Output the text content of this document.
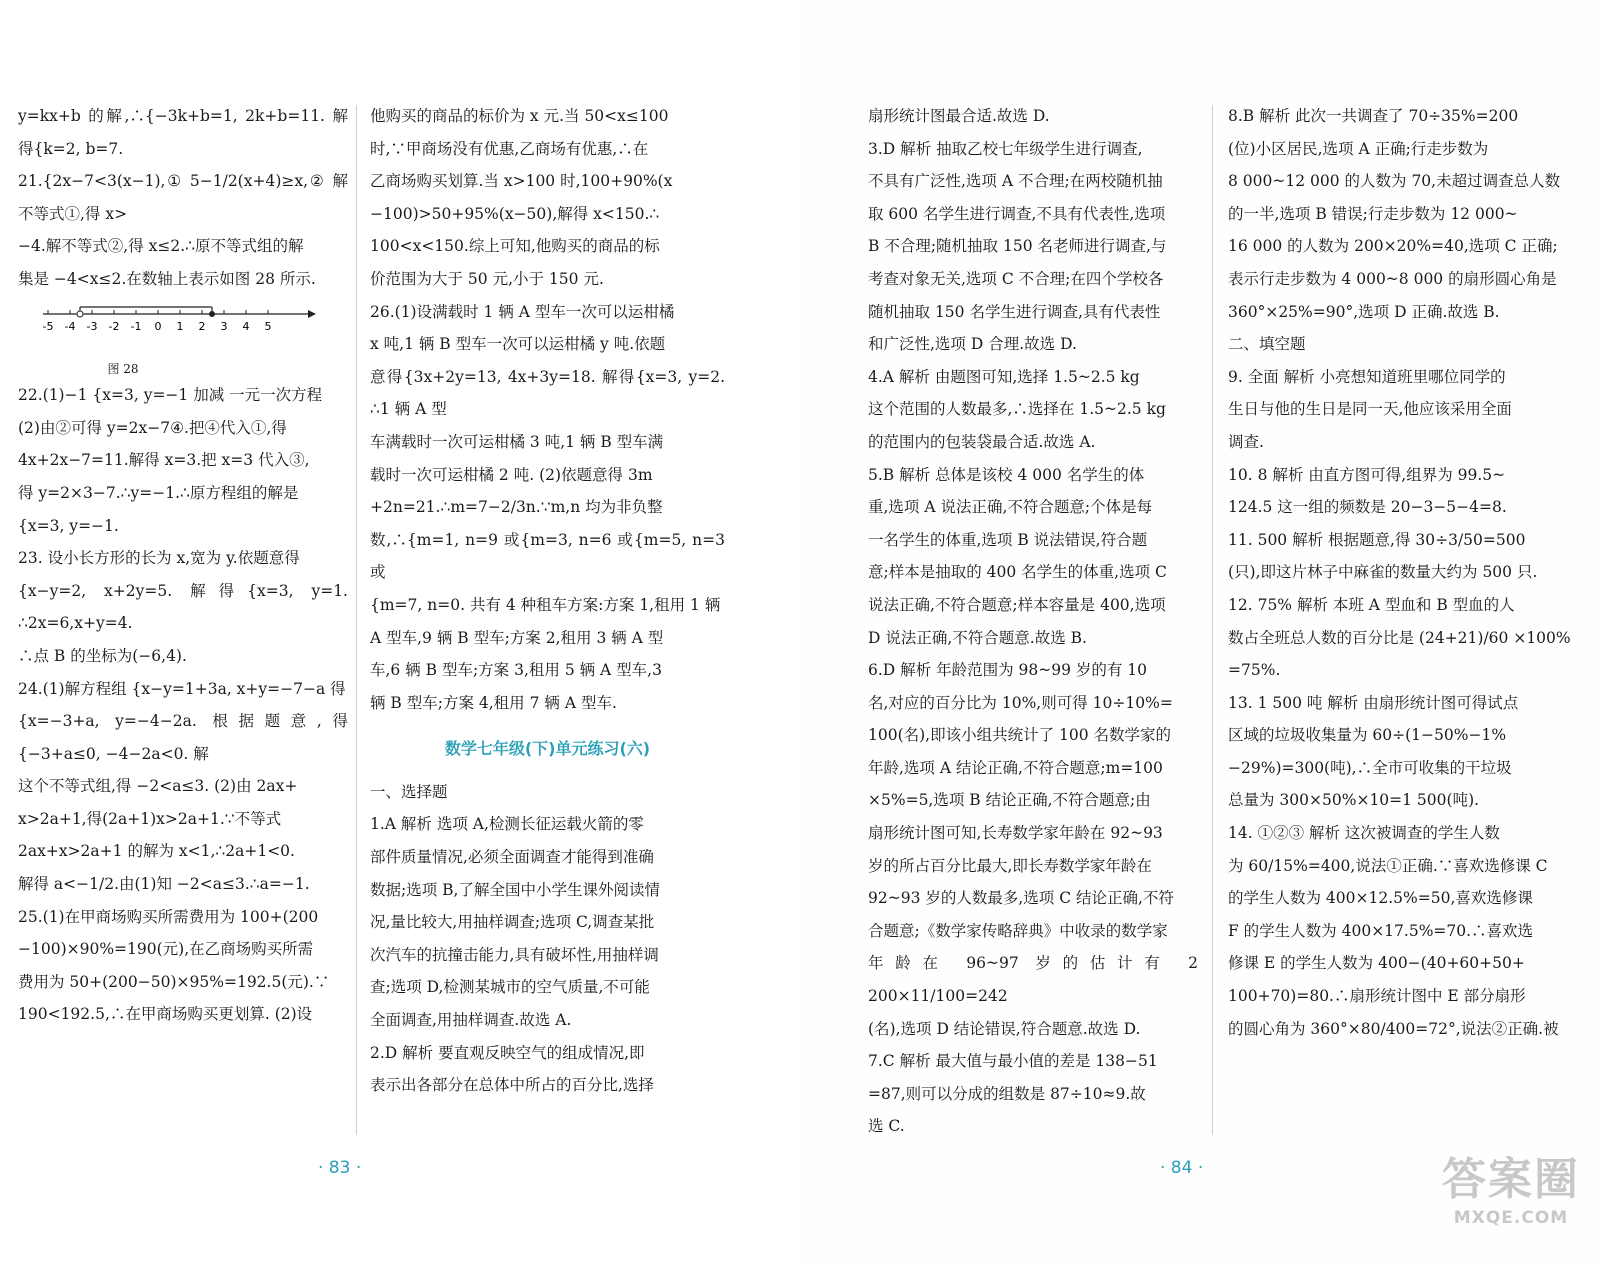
y=kx+b 的解,∴{−3k+b=1, 2k+b=11. 解得{k=2, b=7.

21.{2x−7<3(x−1),① 5−1/2(x+4)≥x,② 解不等式①,得 x>

−4.解不等式②,得 x≤2.∴原不等式组的解

集是 −4<x≤2.在数轴上表示如图 28 所示.

-5 -4 -3 -2 -1 0 1 2 3 4 5
图 28

22.(1)−1 {x=3, y=−1 加减 一元一次方程

(2)由②可得 y=2x−7④.把④代入①,得

4x+2x−7=11.解得 x=3.把 x=3 代入③,

得 y=2×3−7.∴y=−1.∴原方程组的解是

{x=3, y=−1.

23. 设小长方形的长为 x,宽为 y.依题意得

{x−y=2, x+2y=5. 解得{x=3, y=1. ∴2x=6,x+y=4.

∴点 B 的坐标为(−6,4).

24.(1)解方程组 {x−y=1+3a, x+y=−7−a 得

{x=−3+a, y=−4−2a. 根据题意,得{−3+a≤0, −4−2a<0. 解

这个不等式组,得 −2<a≤3. (2)由 2ax+

x>2a+1,得(2a+1)x>2a+1.∵不等式

2ax+x>2a+1 的解为 x<1,∴2a+1<0.

解得 a<−1/2.由(1)知 −2<a≤3.∴a=−1.

25.(1)在甲商场购买所需费用为 100+(200

−100)×90%=190(元),在乙商场购买所需

费用为 50+(200−50)×95%=192.5(元).∵

190<192.5,∴在甲商场购买更划算. (2)设

他购买的商品的标价为 x 元.当 50<x≤100

时,∵甲商场没有优惠,乙商场有优惠,∴在

乙商场购买划算.当 x>100 时,100+90%(x

−100)>50+95%(x−50),解得 x<150.∴

100<x<150.综上可知,他购买的商品的标

价范围为大于 50 元,小于 150 元.

26.(1)设满载时 1 辆 A 型车一次可以运柑橘

x 吨,1 辆 B 型车一次可以运柑橘 y 吨.依题

意得{3x+2y=13, 4x+3y=18. 解得{x=3, y=2. ∴1 辆 A 型

车满载时一次可运柑橘 3 吨,1 辆 B 型车满

载时一次可运柑橘 2 吨. (2)依题意得 3m

+2n=21.∴m=7−2/3n.∵m,n 均为非负整

数,∴{m=1, n=9 或{m=3, n=6 或{m=5, n=3 或

{m=7, n=0. 共有 4 种租车方案:方案 1,租用 1 辆

A 型车,9 辆 B 型车;方案 2,租用 3 辆 A 型

车,6 辆 B 型车;方案 3,租用 5 辆 A 型车,3

辆 B 型车;方案 4,租用 7 辆 A 型车.

数学七年级(下)单元练习(六)

一、选择题

1.A 解析 选项 A,检测长征运载火箭的零

部件质量情况,必须全面调查才能得到准确

数据;选项 B,了解全国中小学生课外阅读情

况,量比较大,用抽样调查;选项 C,调查某批

次汽车的抗撞击能力,具有破坏性,用抽样调

查;选项 D,检测某城市的空气质量,不可能

全面调查,用抽样调查.故选 A.

2.D 解析 要直观反映空气的组成情况,即

表示出各部分在总体中所占的百分比,选择

· 83 ·

扇形统计图最合适.故选 D.

3.D 解析 抽取乙校七年级学生进行调查,

不具有广泛性,选项 A 不合理;在两校随机抽

取 600 名学生进行调查,不具有代表性,选项

B 不合理;随机抽取 150 名老师进行调查,与

考查对象无关,选项 C 不合理;在四个学校各

随机抽取 150 名学生进行调查,具有代表性

和广泛性,选项 D 合理.故选 D.

4.A 解析 由题图可知,选择 1.5~2.5 kg

这个范围的人数最多,∴选择在 1.5~2.5 kg

的范围内的包装袋最合适.故选 A.

5.B 解析 总体是该校 4 000 名学生的体

重,选项 A 说法正确,不符合题意;个体是每

一名学生的体重,选项 B 说法错误,符合题

意;样本是抽取的 400 名学生的体重,选项 C

说法正确,不符合题意;样本容量是 400,选项

D 说法正确,不符合题意.故选 B.

6.D 解析 年龄范围为 98~99 岁的有 10

名,对应的百分比为 10%,则可得 10÷10%=

100(名),即该小组共统计了 100 名数学家的

年龄,选项 A 结论正确,不符合题意;m=100

×5%=5,选项 B 结论正确,不符合题意;由

扇形统计图可知,长寿数学家年龄在 92~93

岁的所占百分比最大,即长寿数学家年龄在

92~93 岁的人数最多,选项 C 结论正确,不符

合题意;《数学家传略辞典》中收录的数学家

年龄在 96~97 岁的估计有 2 200×11/100=242

(名),选项 D 结论错误,符合题意.故选 D.

7.C 解析 最大值与最小值的差是 138−51

=87,则可以分成的组数是 87÷10≈9.故

选 C.

8.B 解析 此次一共调查了 70÷35%=200

(位)小区居民,选项 A 正确;行走步数为

8 000~12 000 的人数为 70,未超过调查总人数

的一半,选项 B 错误;行走步数为 12 000~

16 000 的人数为 200×20%=40,选项 C 正确;

表示行走步数为 4 000~8 000 的扇形圆心角是

360°×25%=90°,选项 D 正确.故选 B.

二、填空题

9. 全面 解析 小亮想知道班里哪位同学的

生日与他的生日是同一天,他应该采用全面

调查.

10. 8 解析 由直方图可得,组界为 99.5~

124.5 这一组的频数是 20−3−5−4=8.

11. 500 解析 根据题意,得 30÷3/50=500

(只),即这片林子中麻雀的数量大约为 500 只.

12. 75% 解析 本班 A 型血和 B 型血的人

数占全班总人数的百分比是 (24+21)/60 ×100%

=75%.

13. 1 500 吨 解析 由扇形统计图可得试点

区域的垃圾收集量为 60÷(1−50%−1%

−29%)=300(吨),∴全市可收集的干垃圾

总量为 300×50%×10=1 500(吨).

14. ①②③ 解析 这次被调查的学生人数

为 60/15%=400,说法①正确.∵喜欢选修课 C

的学生人数为 400×12.5%=50,喜欢选修课

F 的学生人数为 400×17.5%=70.∴喜欢选

修课 E 的学生人数为 400−(40+60+50+

100+70)=80.∴扇形统计图中 E 部分扇形

的圆心角为 360°×80/400=72°,说法②正确.被

· 84 ·	答案圈
MXQE.COM
